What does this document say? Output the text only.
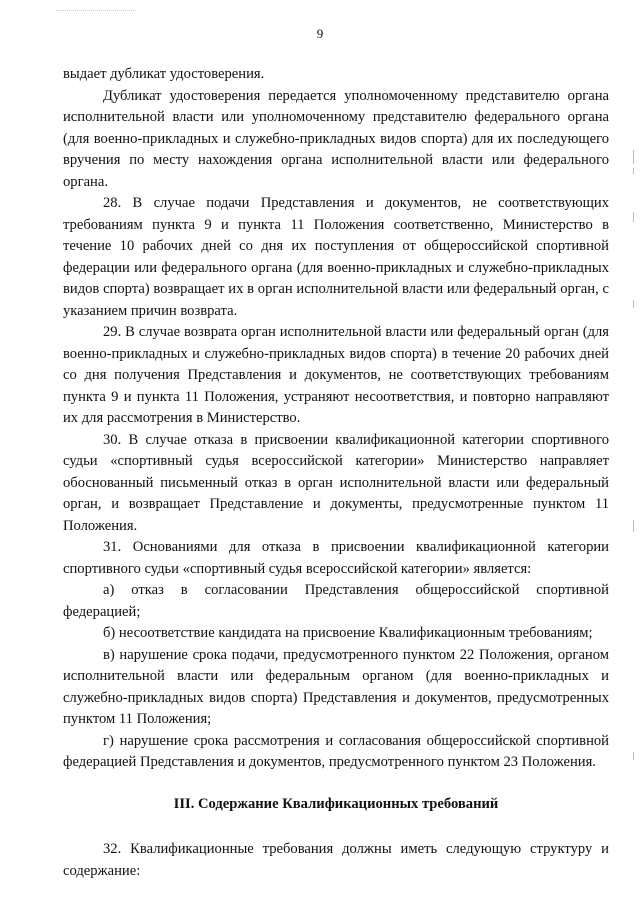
9

выдает дубликат удостоверения.

Дубликат удостоверения передается уполномоченному представителю органа исполнительной власти или уполномоченному представителю федерального органа (для военно-прикладных и служебно-прикладных видов спорта) для их последующего вручения по месту нахождения органа исполнительной власти или федерального органа.

28. В случае подачи Представления и документов, не соответствующих требованиям пункта 9 и пункта 11 Положения соответственно, Министерство в течение 10 рабочих дней со дня их поступления от общероссийской спортивной федерации или федерального органа (для военно-прикладных и служебно-прикладных видов спорта) возвращает их в орган исполнительной власти или федеральный орган, с указанием причин возврата.

29. В случае возврата орган исполнительной власти или федеральный орган (для военно-прикладных и служебно-прикладных видов спорта) в течение 20 рабочих дней со дня получения Представления и документов, не соответствующих требованиям пункта 9 и пункта 11 Положения, устраняют несоответствия, и повторно направляют их для рассмотрения в Министерство.

30. В случае отказа в присвоении квалификационной категории спортивного судьи «спортивный судья всероссийской категории» Министерство направляет обоснованный письменный отказ в орган исполнительной власти или федеральный орган, и возвращает Представление и документы, предусмотренные пунктом 11 Положения.

31. Основаниями для отказа в присвоении квалификационной категории спортивного судьи «спортивный судья всероссийской категории» является:

а) отказ в согласовании Представления общероссийской спортивной федерацией;

б) несоответствие кандидата на присвоение Квалификационным требованиям;

в) нарушение срока подачи, предусмотренного пунктом 22 Положения, органом исполнительной власти или федеральным органом (для военно-прикладных и служебно-прикладных видов спорта) Представления и документов, предусмотренных пунктом 11 Положения;

г) нарушение срока рассмотрения и согласования общероссийской спортивной федерацией Представления и документов, предусмотренного пунктом 23 Положения.

III. Содержание Квалификационных требований

32. Квалификационные требования должны иметь следующую структуру и содержание:
